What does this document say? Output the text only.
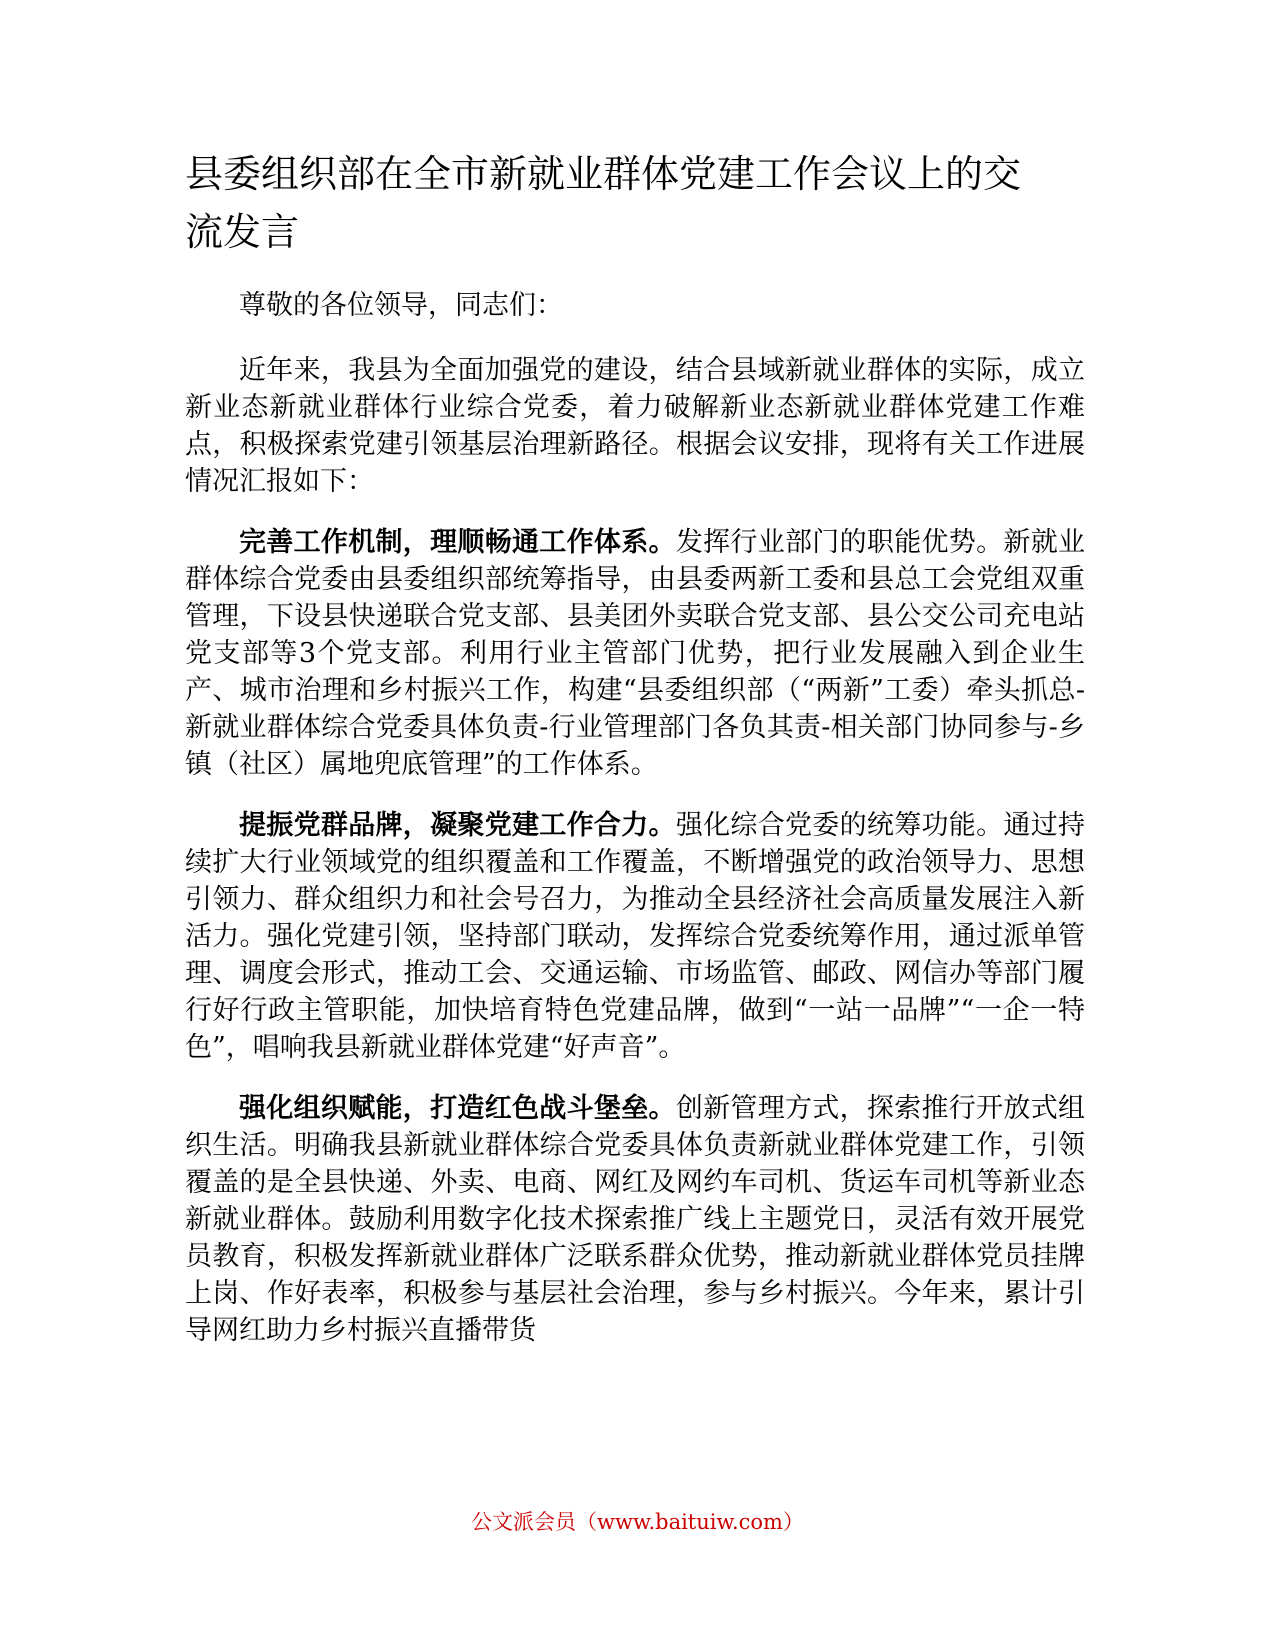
县委组织部在全市新就业群体党建工作会议上的交流发言

尊敬的各位领导，同志们：

近年来，我县为全面加强党的建设，结合县域新就业群体的实际，成立新业态新就业群体行业综合党委，着力破解新业态新就业群体党建工作难点，积极探索党建引领基层治理新路径。根据会议安排，现将有关工作进展情况汇报如下：

完善工作机制，理顺畅通工作体系。发挥行业部门的职能优势。新就业群体综合党委由县委组织部统筹指导，由县委两新工委和县总工会党组双重管理，下设县快递联合党支部、县美团外卖联合党支部、县公交公司充电站党支部等3个党支部。利用行业主管部门优势，把行业发展融入到企业生产、城市治理和乡村振兴工作，构建“县委组织部（“两新”工委）牵头抓总-新就业群体综合党委具体负责-行业管理部门各负其责-相关部门协同参与-乡镇（社区）属地兜底管理”的工作体系。

提振党群品牌，凝聚党建工作合力。强化综合党委的统筹功能。通过持续扩大行业领域党的组织覆盖和工作覆盖，不断增强党的政治领导力、思想引领力、群众组织力和社会号召力，为推动全县经济社会高质量发展注入新活力。强化党建引领，坚持部门联动，发挥综合党委统筹作用，通过派单管理、调度会形式，推动工会、交通运输、市场监管、邮政、网信办等部门履行好行政主管职能，加快培育特色党建品牌，做到“一站一品牌”“一企一特色”，唱响我县新就业群体党建“好声音”。

强化组织赋能，打造红色战斗堡垒。创新管理方式，探索推行开放式组织生活。明确我县新就业群体综合党委具体负责新就业群体党建工作，引领覆盖的是全县快递、外卖、电商、网红及网约车司机、货运车司机等新业态新就业群体。鼓励利用数字化技术探索推广线上主题党日，灵活有效开展党员教育，积极发挥新就业群体广泛联系群众优势，推动新就业群体党员挂牌上岗、作好表率，积极参与基层社会治理，参与乡村振兴。今年来，累计引导网红助力乡村振兴直播带货

公文派会员（www.baituiw.com）
